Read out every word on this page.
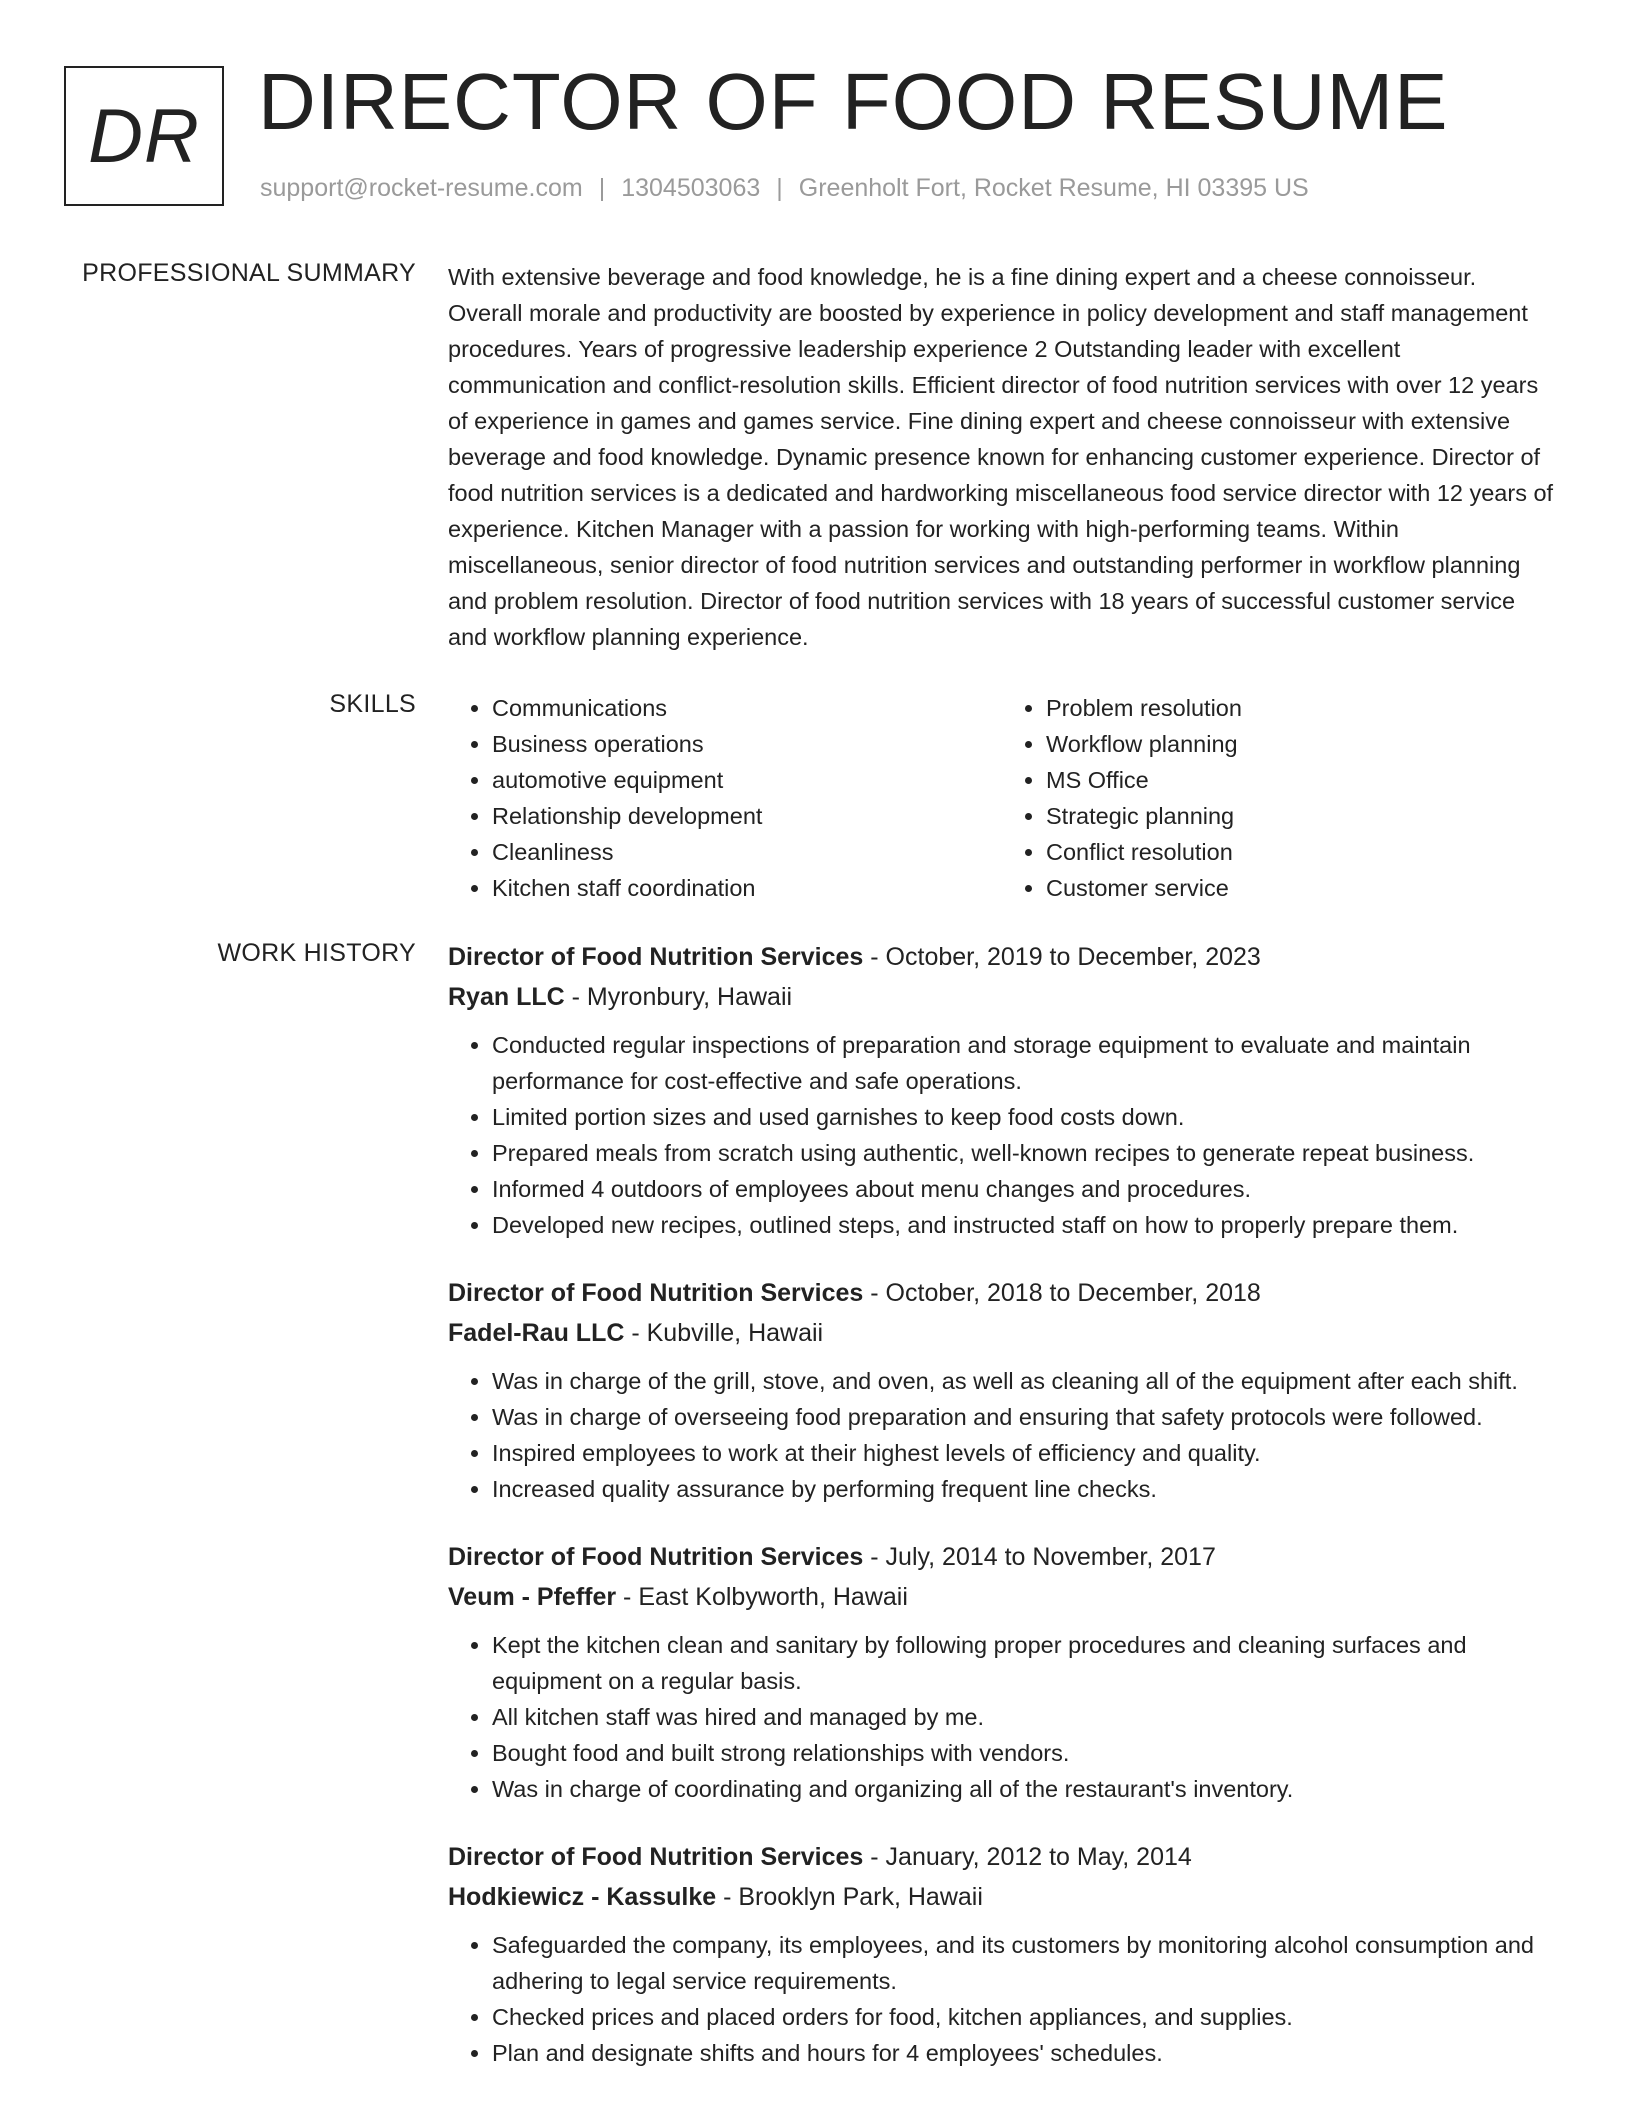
DR DIRECTOR OF FOOD RESUME
support@rocket-resume.com | 1304503063 | Greenholt Fort, Rocket Resume, HI 03395 US
PROFESSIONAL SUMMARY With extensive beverage and food knowledge, he is a fine dining expert and a cheese connoisseur. Overall morale and productivity are boosted by experience in policy development and staff management procedures. Years of progressive leadership experience 2 Outstanding leader with excellent communication and conflict-resolution skills. Efficient director of food nutrition services with over 12 years of experience in games and games service. Fine dining expert and cheese connoisseur with extensive beverage and food knowledge. Dynamic presence known for enhancing customer experience. Director of food nutrition services is a dedicated and hardworking miscellaneous food service director with 12 years of experience. Kitchen Manager with a passion for working with high-performing teams. Within miscellaneous, senior director of food nutrition services and outstanding performer in workflow planning and problem resolution. Director of food nutrition services with 18 years of successful customer service and workflow planning experience.

SKILLS
•	Communications
• Business operations
• automotive equipment
• Relationship development
• Cleanliness
• Kitchen staff coordination
• Problem resolution
• Workflow planning
• MS Office
• Strategic planning
• Conflict resolution
• Customer service
WORK HISTORY Director of Food Nutrition Services - October, 2019 to December, 2023
Ryan LLC - Myronbury, Hawaii
• Conducted regular inspections of preparation and storage equipment to evaluate and maintain performance for cost-effective and safe operations.
• Limited portion sizes and used garnishes to keep food costs down.
• Prepared meals from scratch using authentic, well-known recipes to generate repeat business.
• Informed 4 outdoors of employees about menu changes and procedures.
• Developed new recipes, outlined steps, and instructed staff on how to properly prepare them.
Director of Food Nutrition Services - October, 2018 to December, 2018
Fadel-Rau LLC - Kubville, Hawaii
• Was in charge of the grill, stove, and oven, as well as cleaning all of the equipment after each shift.
• Was in charge of overseeing food preparation and ensuring that safety protocols were followed.
• Inspired employees to work at their highest levels of efficiency and quality.
• Increased quality assurance by performing frequent line checks.
Director of Food Nutrition Services - July, 2014 to November, 2017
Veum - Pfeffer - East Kolbyworth, Hawaii
• Kept the kitchen clean and sanitary by following proper procedures and cleaning surfaces and equipment on a regular basis.
• All kitchen staff was hired and managed by me.
• Bought food and built strong relationships with vendors.
• Was in charge of coordinating and organizing all of the restaurant's inventory.
Director of Food Nutrition Services - January, 2012 to May, 2014
Hodkiewicz - Kassulke - Brooklyn Park, Hawaii
• Safeguarded the company, its employees, and its customers by monitoring alcohol consumption and adhering to legal service requirements.
• Checked prices and placed orders for food, kitchen appliances, and supplies.
• Plan and designate shifts and hours for 4 employees' schedules.
